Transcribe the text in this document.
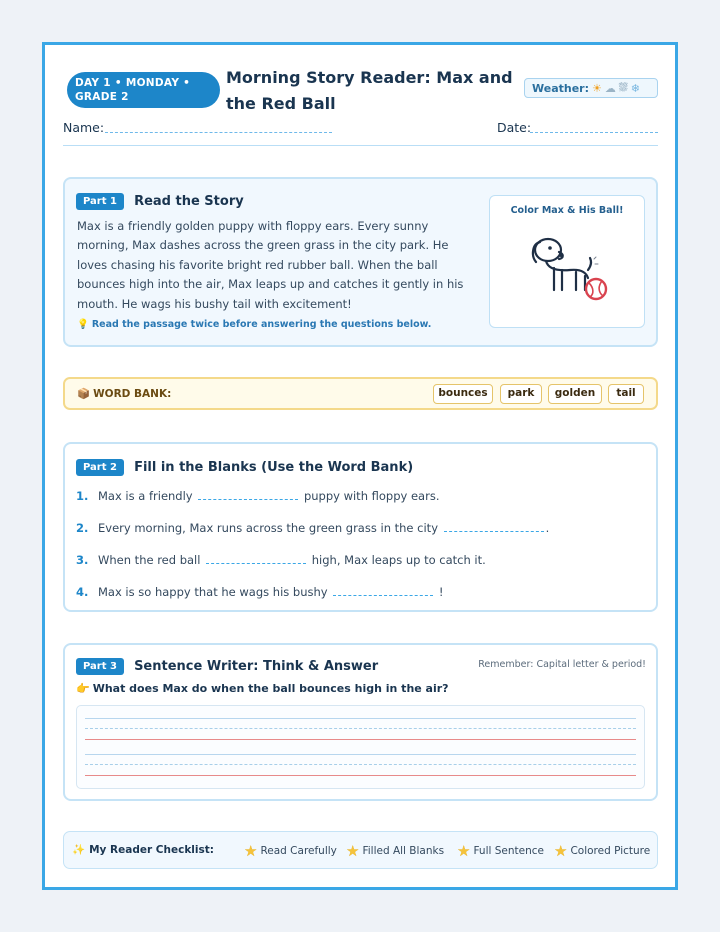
DAY 1 • MONDAY • GRADE 2
Morning Story Reader: Max and the Red Ball
Weather: ☀ ☁ ⛆ ❄
Name:	Date:
Part 1 Read the Story
Max is a friendly golden puppy with floppy ears. Every sunny morning, Max dashes across the green grass in the city park. He loves chasing his favorite bright red rubber ball. When the ball bounces high into the air, Max leaps up and catches it gently in his mouth. He wags his bushy tail with excitement!
💡 Read the passage twice before answering the questions below.
Color Max & His Ball!
📦 WORD BANK:	bounces	park	golden	tail
Part 2 Fill in the Blanks (Use the Word Bank)
1. Max is a friendly	puppy with floppy ears.
2. Every morning, Max runs across the green grass in the city	.
3. When the red ball	high, Max leaps up to catch it.
4. Max is so happy that he wags his bushy	!
Part 3 Sentence Writer: Think & Answer	Remember: Capital letter & period!
👉 What does Max do when the ball bounces high in the air?
✨ My Reader Checklist: ★ Read Carefully ★ Filled All Blanks ★ Full Sentence ★ Colored Picture
